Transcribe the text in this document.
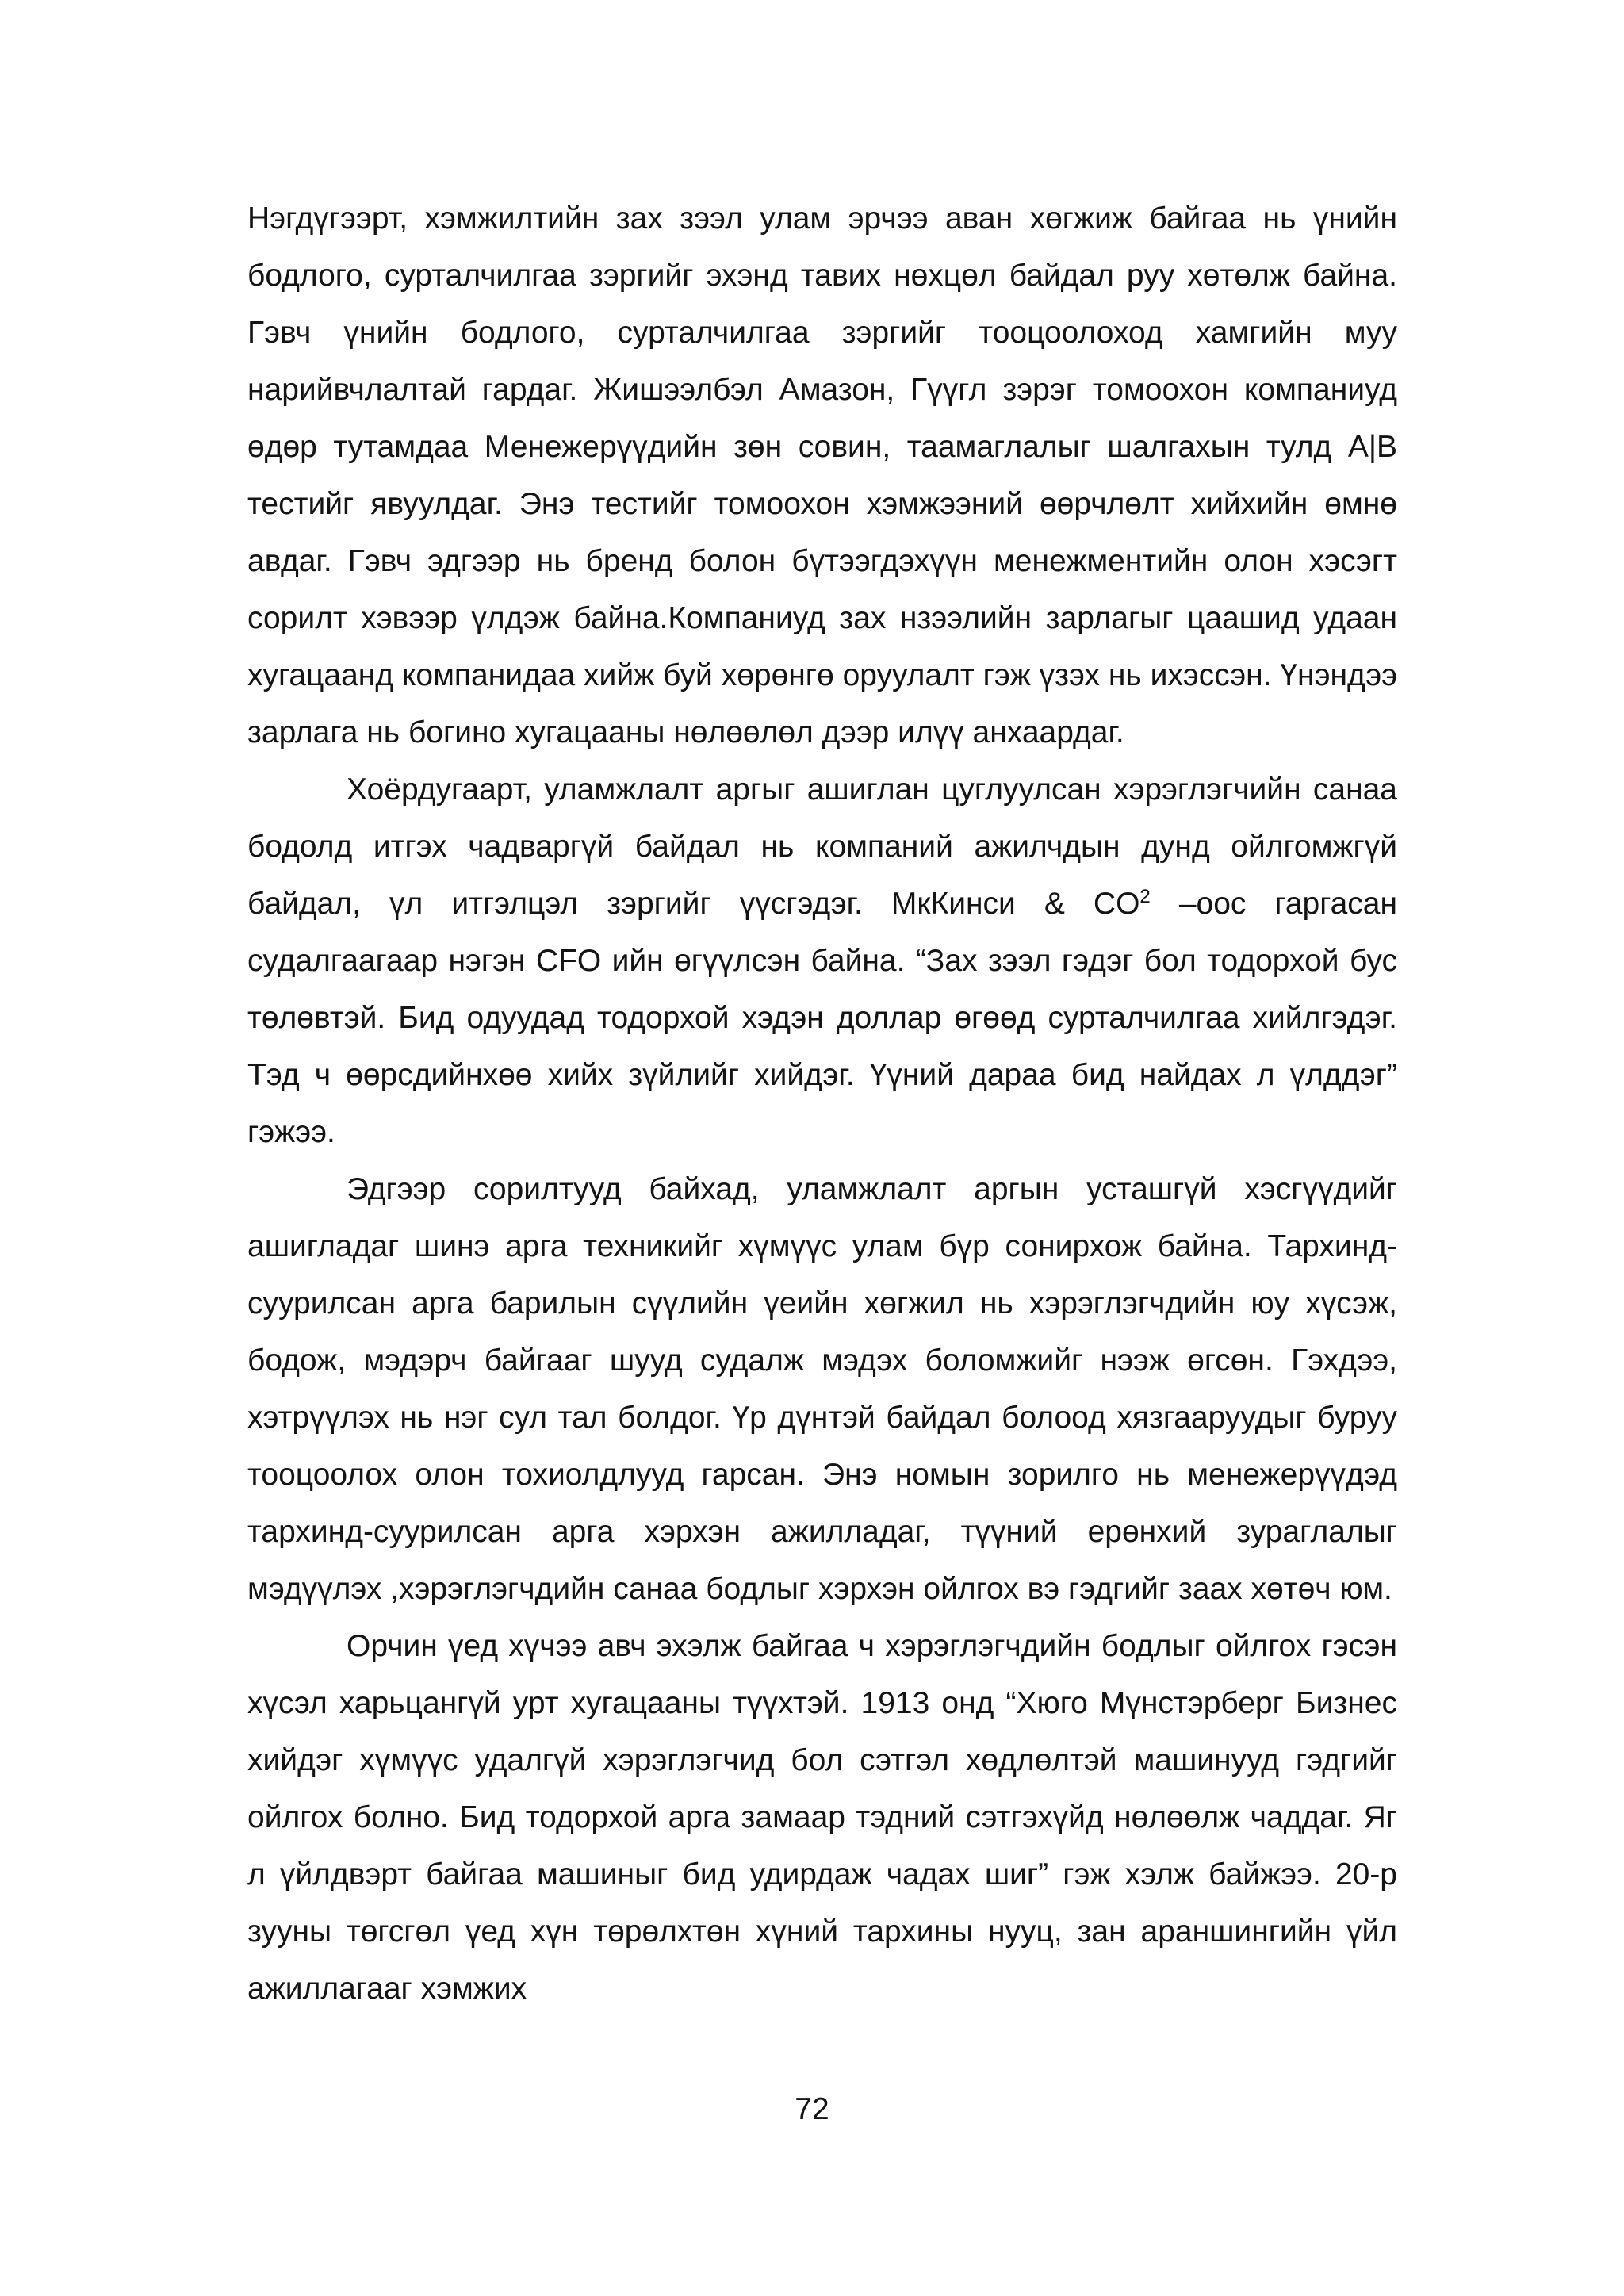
Нэгдүгээрт, хэмжилтийн зах зээл улам эрчээ аван хөгжиж байгаа нь үнийн бодлого, сурталчилгаа зэргийг эхэнд тавих нөхцөл байдал руу хөтөлж байна. Гэвч үнийн бодлого, сурталчилгаа зэргийг тооцоолоход хамгийн муу нарийвчлалтай гардаг. Жишээлбэл Амазон, Гүүгл зэрэг томоохон компаниуд өдөр тутамдаа Менежерүүдийн зөн совин, таамаглалыг шалгахын тулд A|B тестийг явуулдаг. Энэ тестийг томоохон хэмжээний өөрчлөлт хийхийн өмнө авдаг. Гэвч эдгээр нь бренд болон бүтээгдэхүүн менежментийн олон хэсэгт сорилт хэвээр үлдэж байна.Компаниуд зах нзээлийн зарлагыг цаашид удаан хугацаанд компанидаа хийж буй хөрөнгө оруулалт гэж үзэх нь ихэссэн. Үнэндээ зарлага нь богино хугацааны нөлөөлөл дээр илүү анхаардаг.

Хоёрдугаарт, уламжлалт аргыг ашиглан цуглуулсан хэрэглэгчийн санаа бодолд итгэх чадваргүй байдал нь компаний ажилчдын дунд ойлгомжгүй байдал, үл итгэлцэл зэргийг үүсгэдэг. МкКинси & $CO^2$ –оос гаргасан судалгаагаар нэгэн CFO ийн өгүүлсэн байна. “Зах зээл гэдэг бол тодорхой бус төлөвтэй. Бид одуудад тодорхой хэдэн доллар өгөөд сурталчилгаа хийлгэдэг. Тэд ч өөрсдийнхөө хийх зүйлийг хийдэг. Үүний дараа бид найдах л үлддэг” гэжээ.

Эдгээр сорилтууд байхад, уламжлалт аргын усташгүй хэсгүүдийг ашигладаг шинэ арга техникийг хүмүүс улам бүр сонирхож байна. Тархинд-суурилсан арга барилын сүүлийн үеийн хөгжил нь хэрэглэгчдийн юу хүсэж, бодож, мэдэрч байгааг шууд судалж мэдэх боломжийг нээж өгсөн. Гэхдээ, хэтрүүлэх нь нэг сул тал болдог. Үр дүнтэй байдал болоод хязгааруудыг буруу тооцоолох олон тохиолдлууд гарсан. Энэ номын зорилго нь менежерүүдэд тархинд-суурилсан арга хэрхэн ажилладаг, түүний ерөнхий зураглалыг мэдүүлэх ,хэрэглэгчдийн санаа бодлыг хэрхэн ойлгох вэ гэдгийг заах хөтөч юм.

Орчин үед хүчээ авч эхэлж байгаа ч хэрэглэгчдийн бодлыг ойлгох гэсэн хүсэл харьцангүй урт хугацааны түүхтэй. 1913 онд “Хюго Мүнстэрберг Бизнес хийдэг хүмүүс удалгүй хэрэглэгчид бол сэтгэл хөдлөлтэй машинууд гэдгийг ойлгох болно. Бид тодорхой арга замаар тэдний сэтгэхүйд нөлөөлж чаддаг. Яг л үйлдвэрт байгаа машиныг бид удирдаж чадах шиг” гэж хэлж байжээ. 20-р зууны төгсгөл үед хүн төрөлхтөн хүний тархины нууц, зан араншингийн үйл ажиллагааг хэмжих

72
